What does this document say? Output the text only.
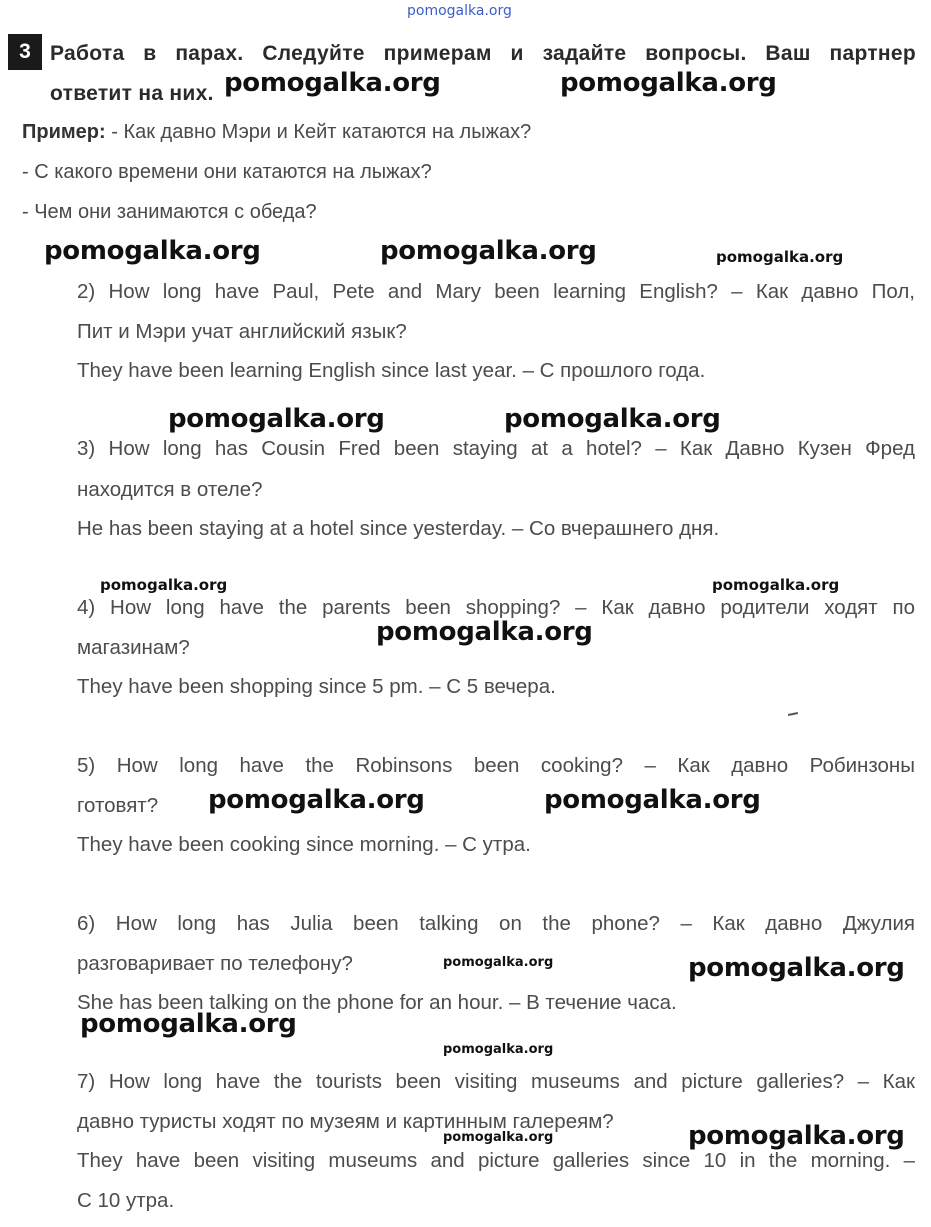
pomogalka.org
3 Работа в парах. Следуйте примерам и задайте вопросы. Ваш партнер
ответит на них.
Пример: - Как давно Мэри и Кейт катаются на лыжах?
- С какого времени они катаются на лыжах?
- Чем они занимаются с обеда?
2) How long have Paul, Pete and Mary been learning English? – Как давно Пол,
Пит и Мэри учат английский язык?
They have been learning English since last year. – С прошлого года.
3) How long has Cousin Fred been staying at a hotel? – Как Давно Кузен Фред
находится в отеле?
He has been staying at a hotel since yesterday. – Со вчерашнего дня.
4) How long have the parents been shopping? – Как давно родители ходят по
магазинам?
They have been shopping since 5 pm. – С 5 вечера.
5) How long have the Robinsons been cooking? – Как давно Робинзоны
готовят?
They have been cooking since morning. – С утра.
6) How long has Julia been talking on the phone? – Как давно Джулия
разговаривает по телефону?
She has been talking on the phone for an hour. – В течение часа.
7) How long have the tourists been visiting museums and picture galleries? – Как
давно туристы ходят по музеям и картинным галереям?
They have been visiting museums and picture galleries since 10 in the morning. –
С 10 утра.
pomogalka.org	pomogalka.org
pomogalka.org	pomogalka.org
pomogalka.org	pomogalka.org
pomogalka.org
pomogalka.org	pomogalka.org
pomogalka.org
pomogalka.org
pomogalka.org
pomogalka.org
pomogalka.org	pomogalka.org
pomogalka.org
pomogalka.org
pomogalka.org
